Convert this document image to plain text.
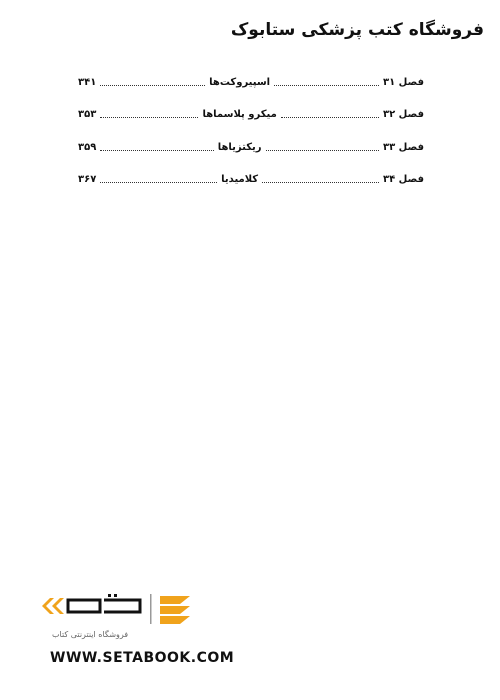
فروشگاه کتب پزشکی ستابوک
فصل ۳۱
اسپیروکت‌ها
۳۴۱
فصل ۳۲
میکرو پلاسماها
۳۵۳
فصل ۳۳
ریکتزیاها
۳۵۹
فصل ۳۴
کلامیدیا
۳۶۷
فروشگاه اینترنتی کتاب
WWW.SETABOOK.COM
